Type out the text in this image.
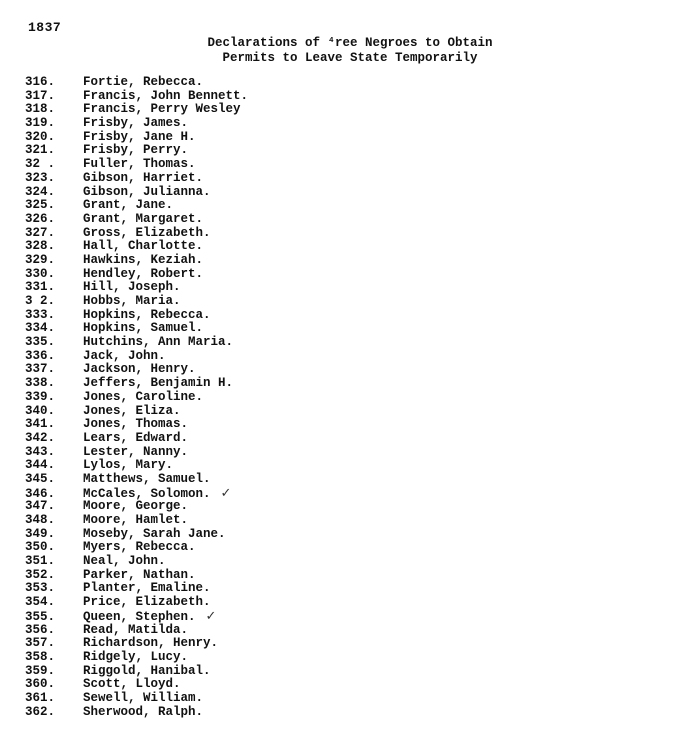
1837
Declarations of ⁴ree Negroes to Obtain
Permits to Leave State Temporarily
316. Fortie, Rebecca.
317. Francis, John Bennett.
318. Francis, Perry Wesley
319. Frisby, James.
320. Frisby, Jane H.
321. Frisby, Perry.
32 . Fuller, Thomas.
323. Gibson, Harriet.
324. Gibson, Julianna.
325. Grant, Jane.
326. Grant, Margaret.
327. Gross, Elizabeth.
328. Hall, Charlotte.
329. Hawkins, Keziah.
330. Hendley, Robert.
331. Hill, Joseph.
3 2. Hobbs, Maria.
333. Hopkins, Rebecca.
334. Hopkins, Samuel.
335. Hutchins, Ann Maria.
336. Jack, John.
337. Jackson, Henry.
338. Jeffers, Benjamin H.
339. Jones, Caroline.
340. Jones, Eliza.
341. Jones, Thomas.
342. Lears, Edward.
343. Lester, Nanny.
344. Lylos, Mary.
345. Matthews, Samuel.
346. McCales, Solomon. ✓
347. Moore, George.
348. Moore, Hamlet.
349. Moseby, Sarah Jane.
350. Myers, Rebecca.
351. Neal, John.
352. Parker, Nathan.
353. Planter, Emaline.
354. Price, Elizabeth.
355. Queen, Stephen. ✓
356. Read, Matilda.
357. Richardson, Henry.
358. Ridgely, Lucy.
359. Riggold, Hanibal.
360. Scott, Lloyd.
361. Sewell, William.
362. Sherwood, Ralph.
